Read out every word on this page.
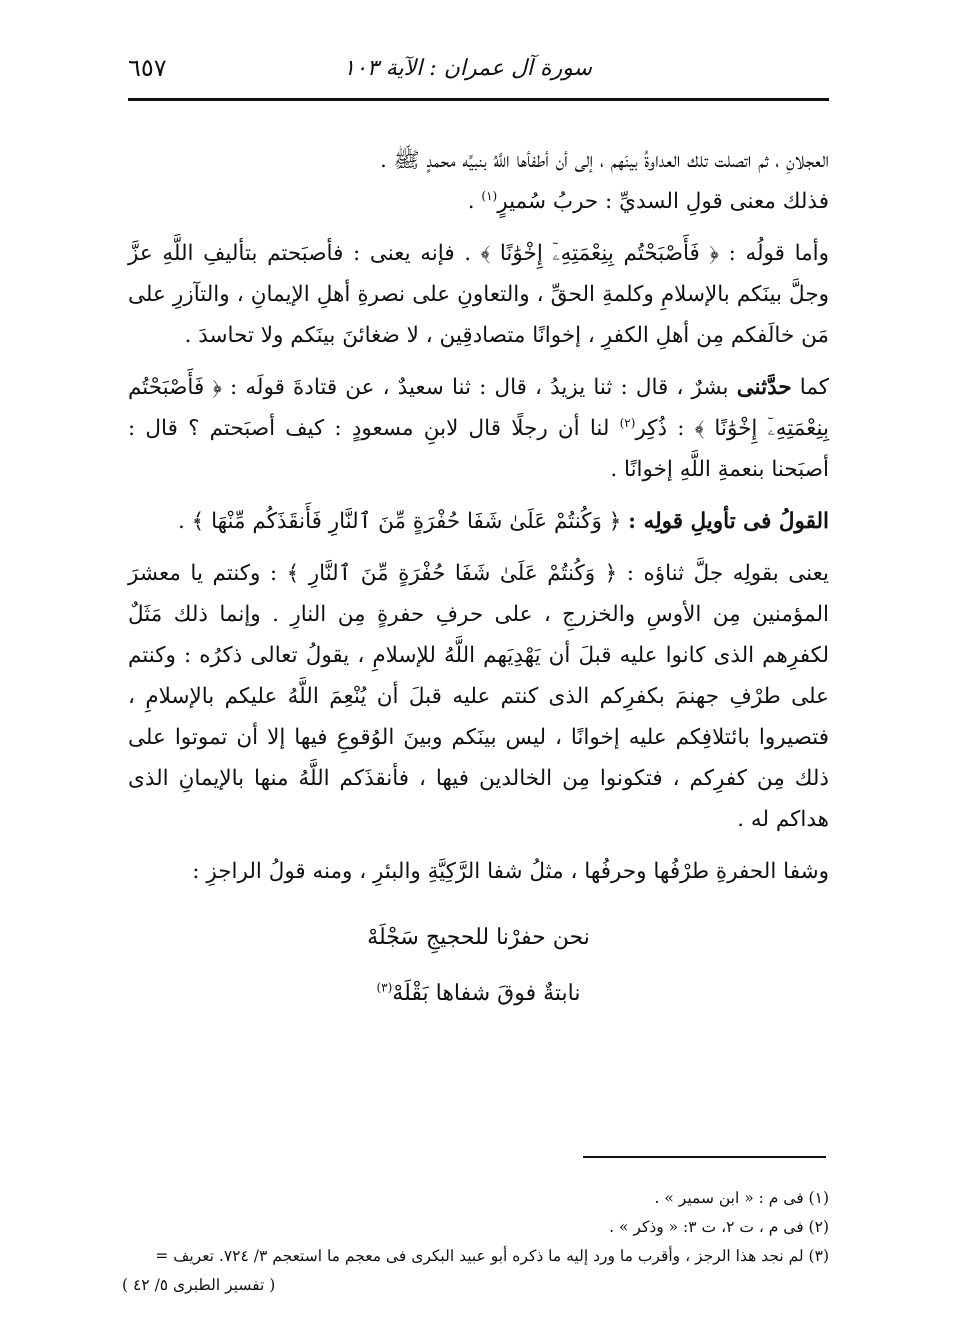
٦٥٧	سورة آل عمران : الآية ١٠٣

العجلانِ ، ثم اتصلت تلك العداوةُ بينَهم ، إلى أن أطفأها اللَّهُ بنبيِّه محمدٍ ﷺ .
فذلك معنى قولِ السديِّ : حربُ سُميرٍ$^{(١)}$ .

وأما قولُه : ﴿ فَأَصْبَحْتُم بِنِعْمَتِهِۦٓ إِخْوَٰنًا ﴾ . فإنه يعنى : فأصبَحتم بتأليفِ اللَّهِ عزَّ وجلَّ بينَكم بالإسلامِ وكلمةِ الحقِّ ، والتعاونِ على نصرةِ أهلِ الإيمانِ ، والتآزرِ على مَن خالَفكم مِن أهلِ الكفرِ ، إخوانًا متصادقِين ، لا ضغائنَ بينَكم ولا تحاسدَ .

كما حدَّثنى بشرٌ ، قال : ثنا يزيدُ ، قال : ثنا سعيدٌ ، عن قتادةَ قولَه : ﴿ فَأَصْبَحْتُم بِنِعْمَتِهِۦٓ إِخْوَٰنًا ﴾ : ذُكِر$^{(٢)}$ لنا أن رجلًا قال لابنِ مسعودٍ : كيف أصبَحتم ؟ قال : أصبَحنا بنعمةِ اللَّهِ إخوانًا .

القولُ فى تأويلِ قولِه : ﴿ وَكُنتُمْ عَلَىٰ شَفَا حُفْرَةٍ مِّنَ ٱلنَّارِ فَأَنقَذَكُم مِّنْهَا ﴾ .

يعنى بقولِه جلَّ ثناؤه : ﴿ وَكُنتُمْ عَلَىٰ شَفَا حُفْرَةٍ مِّنَ ٱلنَّارِ ﴾ : وكنتم يا معشرَ المؤمنين مِن الأوسِ والخزرجِ ، على حرفِ حفرةٍ مِن النارِ . وإنما ذلك مَثَلٌ لكفرِهم الذى كانوا عليه قبلَ أن يَهْدِيَهم اللَّهُ للإسلامِ ، يقولُ تعالى ذكرُه : وكنتم على طرْفِ جهنمَ بكفرِكم الذى كنتم عليه قبلَ أن يُنْعِمَ اللَّهُ عليكم بالإسلامِ ، فتصيروا بائتلافِكم عليه إخوانًا ، ليس بينَكم وبينَ الوُقوعِ فيها إلا أن تموتوا على ذلك مِن كفرِكم ، فتكونوا مِن الخالدين فيها ، فأنقذَكم اللَّهُ منها بالإيمانِ الذى هداكم له .

وشفا الحفرةِ طرْفُها وحرفُها ، مثلُ شفا الرَّكِيَّةِ والبئرِ ، ومنه قولُ الراجزِ :

نحن حفرْنا للحجيجِ سَجْلَهْ
نابتةٌ فوقَ شفاها بَقْلَهْ$^{(٣)}$

(١) فى م : « ابن سمير » .

(٢) فى م ، ت ٢، ت ٣: « وذكر » .

(٣) لم نجد هذا الرجز ، وأقرب ما ورد إليه ما ذكره أبو عبيد البكرى فى معجم ما استعجم ٣/ ٧٢٤. تعريف =

( تفسير الطبرى ٥/ ٤٢ )
